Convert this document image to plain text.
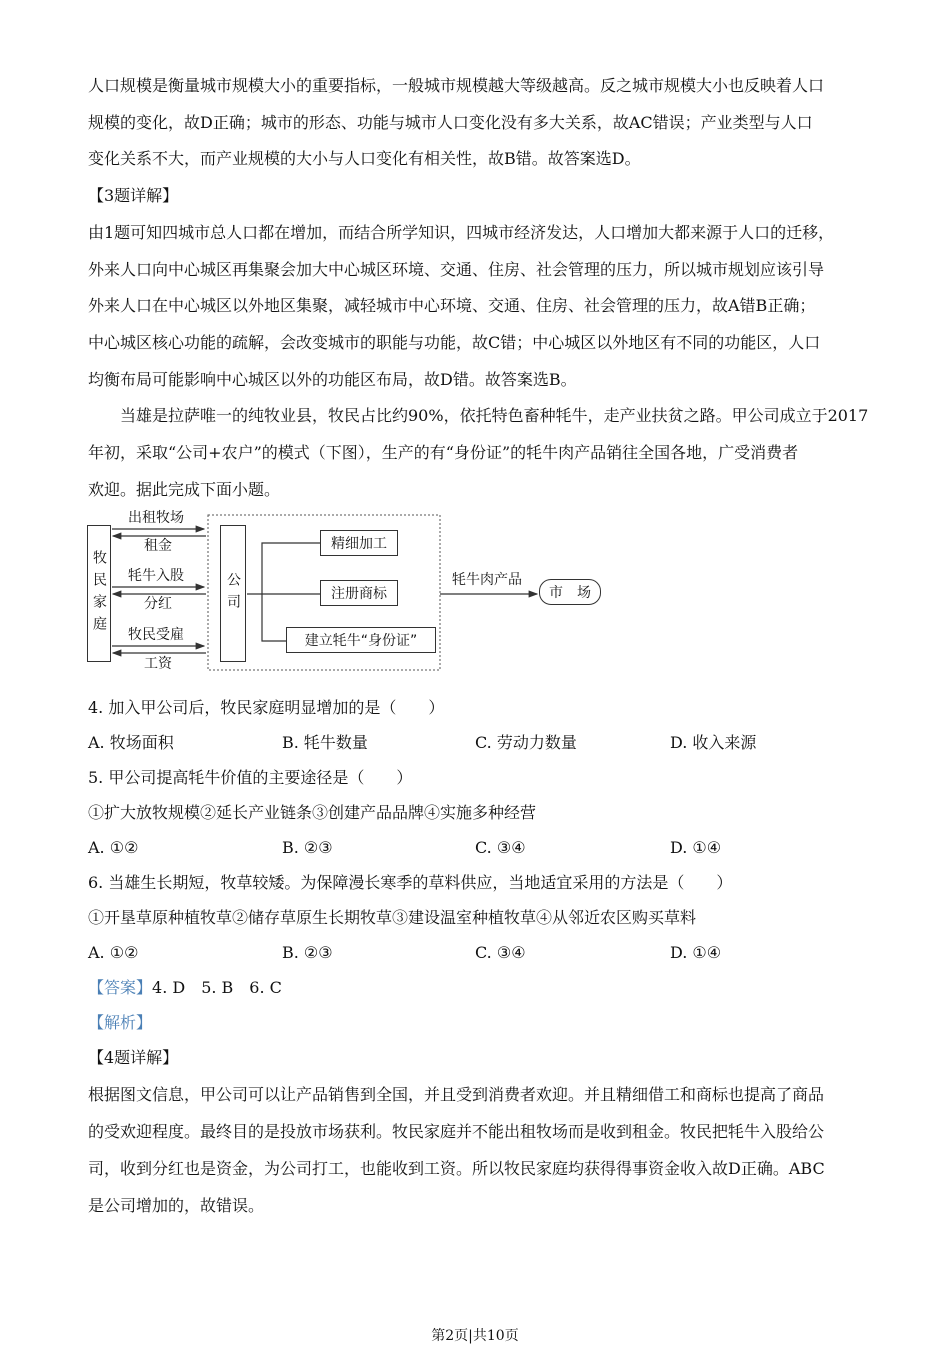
人口规模是衡量城市规模大小的重要指标，一般城市规模越大等级越高。反之城市规模大小也反映着人口
规模的变化，故D正确；城市的形态、功能与城市人口变化没有多大关系，故AC错误；产业类型与人口
变化关系不大，而产业规模的大小与人口变化有相关性，故B错。故答案选D。
【3题详解】
由1题可知四城市总人口都在增加，而结合所学知识，四城市经济发达，人口增加大都来源于人口的迁移，
外来人口向中心城区再集聚会加大中心城区环境、交通、住房、社会管理的压力，所以城市规划应该引导
外来人口在中心城区以外地区集聚，减轻城市中心环境、交通、住房、社会管理的压力，故A错B正确；
中心城区核心功能的疏解，会改变城市的职能与功能，故C错；中心城区以外地区有不同的功能区，人口
均衡布局可能影响中心城区以外的功能区布局，故D错。故答案选B。
当雄是拉萨唯一的纯牧业县，牧民占比约90%，依托特色畜种牦牛，走产业扶贫之路。甲公司成立于2017
年初，采取“公司+农户”的模式（下图），生产的有“身份证”的牦牛肉产品销往全国各地，广受消费者
欢迎。据此完成下面小题。
牧民家庭	公司
出租牧场
租金
牦牛入股
分红
牧民受雇
工资
精细加工
注册商标
建立牦牛“身份证”
牦牛肉产品
市　场
4. 加入甲公司后，牧民家庭明显增加的是（　　）
A. 牧场面积	B. 牦牛数量	C. 劳动力数量	D. 收入来源
5. 甲公司提高牦牛价值的主要途径是（　　）
①扩大放牧规模②延长产业链条③创建产品品牌④实施多种经营
A. ①②	B. ②③	C. ③④	D. ①④
6. 当雄生长期短，牧草较矮。为保障漫长寒季的草料供应，当地适宜采用的方法是（　　）
①开垦草原种植牧草②储存草原生长期牧草③建设温室种植牧草④从邻近农区购买草料
A. ①②	B. ②③	C. ③④	D. ①④
【答案】4. D　5. B　6. C
【解析】
【4题详解】
根据图文信息，甲公司可以让产品销售到全国，并且受到消费者欢迎。并且精细借工和商标也提高了商品
的受欢迎程度。最终目的是投放市场获利。牧民家庭并不能出租牧场而是收到租金。牧民把牦牛入股给公
司，收到分红也是资金，为公司打工，也能收到工资。所以牧民家庭均获得得事资金收入故D正确。ABC
是公司增加的，故错误。
第2页|共10页
